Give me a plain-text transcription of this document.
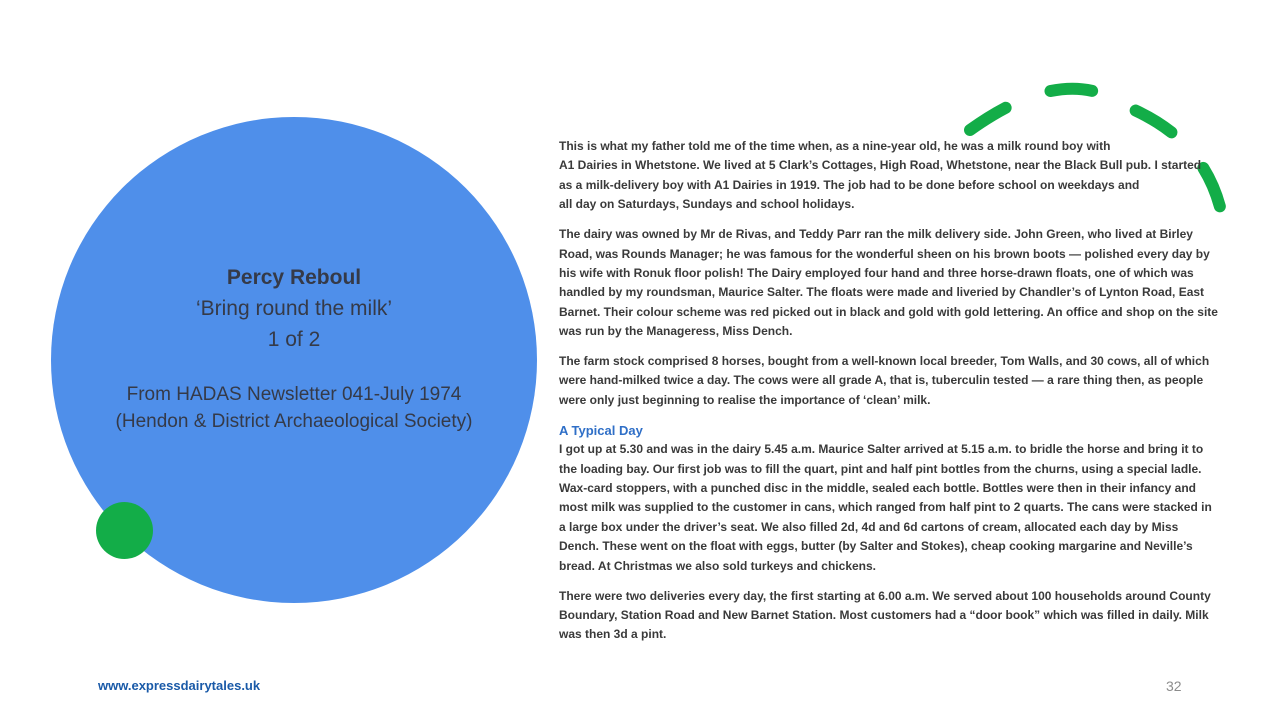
Percy Reboul
‘Bring round the milk’
1 of 2
From HADAS Newsletter 041-July 1974
(Hendon & District Archaeological Society)

This is what my father told me of the time when, as a nine-year old, he was a milk round boy with
A1 Dairies in Whetstone. We lived at 5 Clark’s Cottages, High Road, Whetstone, near the Black Bull pub. I started
as a milk-delivery boy with A1 Dairies in 1919. The job had to be done before school on weekdays and
all day on Saturdays, Sundays and school holidays.

The dairy was owned by Mr de Rivas, and Teddy Parr ran the milk delivery side. John Green, who lived at Birley
Road, was Rounds Manager; he was famous for the wonderful sheen on his brown boots — polished every day by
his wife with Ronuk floor polish! The Dairy employed four hand and three horse-drawn floats, one of which was
handled by my roundsman, Maurice Salter. The floats were made and liveried by Chandler’s of Lynton Road, East
Barnet. Their colour scheme was red picked out in black and gold with gold lettering. An office and shop on the site
was run by the Manageress, Miss Dench.

The farm stock comprised 8 horses, bought from a well-known local breeder, Tom Walls, and 30 cows, all of which
were hand-milked twice a day. The cows were all grade A, that is, tuberculin tested — a rare thing then, as people
were only just beginning to realise the importance of ‘clean’ milk.

A Typical Day

I got up at 5.30 and was in the dairy 5.45 a.m. Maurice Salter arrived at 5.15 a.m. to bridle the horse and bring it to
the loading bay. Our first job was to fill the quart, pint and half pint bottles from the churns, using a special ladle.
Wax-card stoppers, with a punched disc in the middle, sealed each bottle. Bottles were then in their infancy and
most milk was supplied to the customer in cans, which ranged from half pint to 2 quarts. The cans were stacked in
a large box under the driver’s seat. We also filled 2d, 4d and 6d cartons of cream, allocated each day by Miss
Dench. These went on the float with eggs, butter (by Salter and Stokes), cheap cooking margarine and Neville’s
bread. At Christmas we also sold turkeys and chickens.

There were two deliveries every day, the first starting at 6.00 a.m. We served about 100 households around County
Boundary, Station Road and New Barnet Station. Most customers had a “door book” which was filled in daily. Milk
was then 3d a pint.

www.expressdairytales.uk	32
